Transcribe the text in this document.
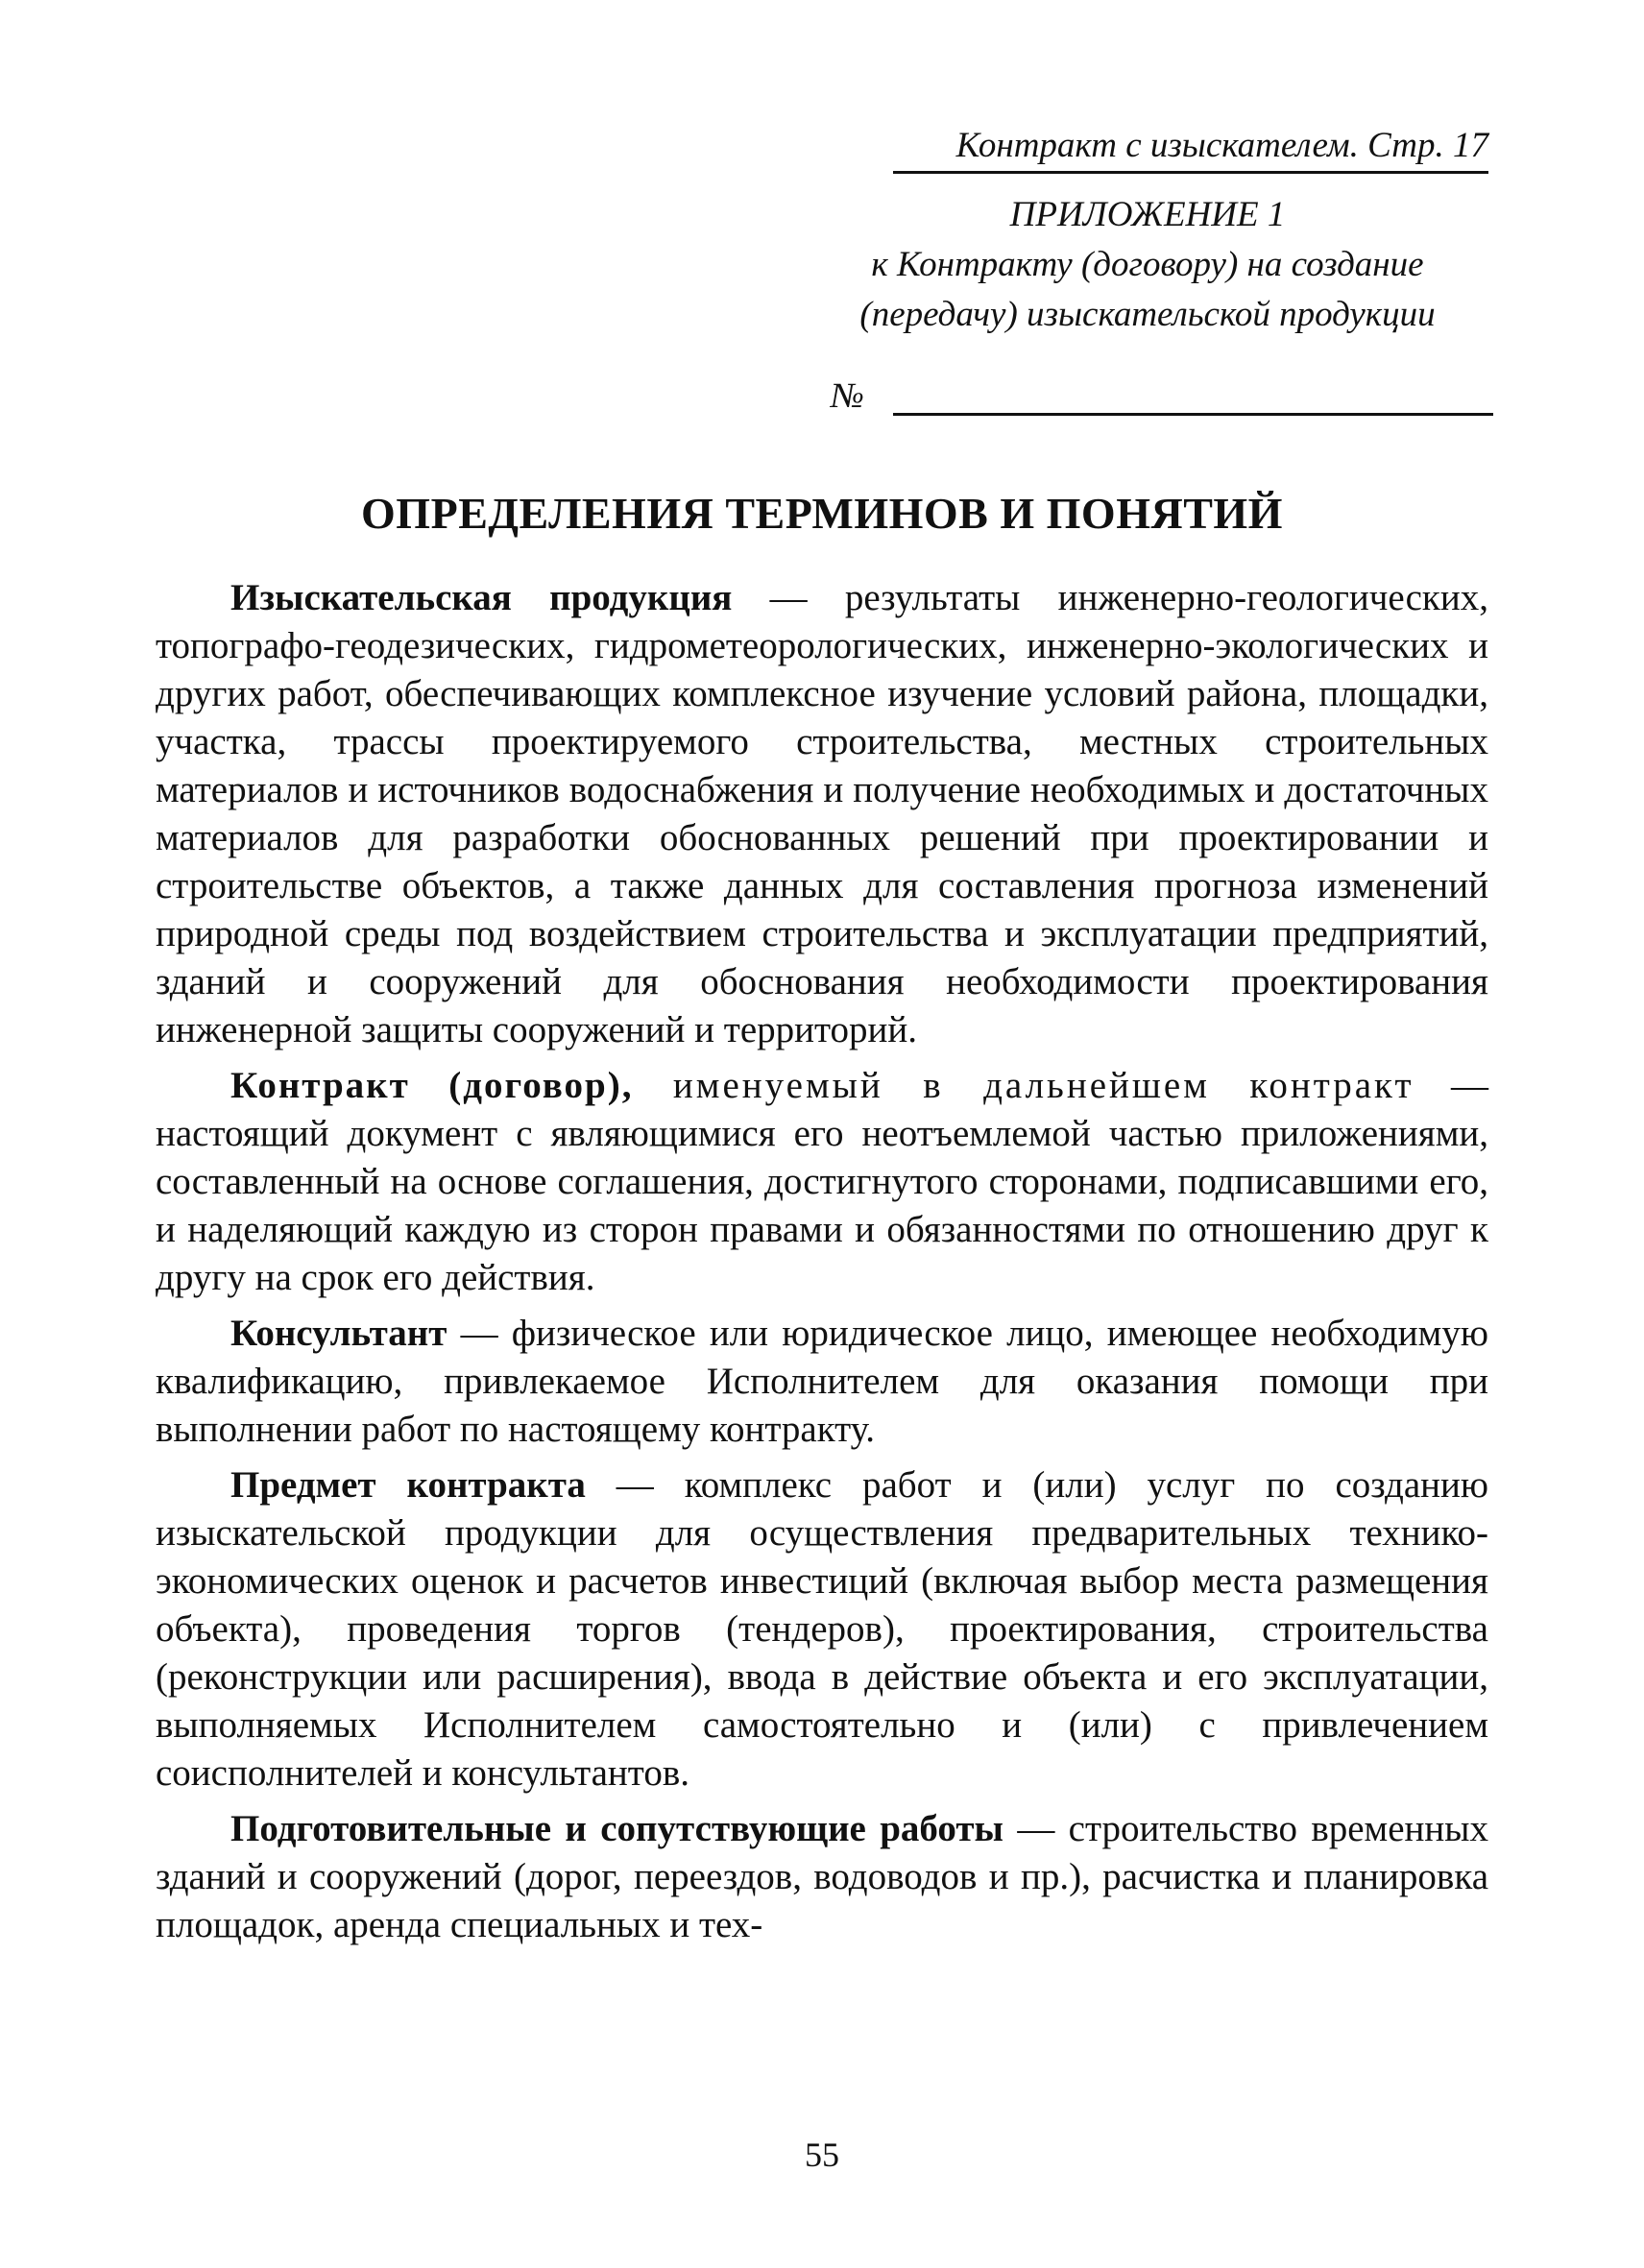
Контракт с изыскателем. Стр. 17
ПРИЛОЖЕНИЕ 1
к Контракту (договору) на создание
(передачу) изыскательской продукции
№
ОПРЕДЕЛЕНИЯ ТЕРМИНОВ И ПОНЯТИЙ

Изыскательская продукция — результаты инженерно-геологических, топографо-геодезических, гидрометеорологических, инженерно-экологических и других работ, обеспечивающих комплексное изучение условий района, площадки, участка, трассы проектируемого строительства, местных строительных материалов и источников водоснабжения и получение необходимых и достаточных материалов для разработки обоснованных решений при проектировании и строительстве объектов, а также данных для составления прогноза изменений природной среды под воздействием строительства и эксплуатации предприятий, зданий и сооружений для обоснования необходимости проектирования инженерной защиты сооружений и территорий.

Контракт (договор), именуемый в дальнейшем контракт — настоящий документ с являющимися его неотъемлемой частью приложениями, составленный на основе соглашения, достигнутого сторонами, подписавшими его, и наделяющий каждую из сторон правами и обязанностями по отношению друг к другу на срок его действия.

Консультант — физическое или юридическое лицо, имеющее необходимую квалификацию, привлекаемое Исполнителем для оказания помощи при выполнении работ по настоящему контракту.

Предмет контракта — комплекс работ и (или) услуг по созданию изыскательской продукции для осуществления предварительных технико-экономических оценок и расчетов инвестиций (включая выбор места размещения объекта), проведения торгов (тендеров), проектирования, строительства (реконструкции или расширения), ввода в действие объекта и его эксплуатации, выполняемых Исполнителем самостоятельно и (или) с привлечением соисполнителей и консультантов.

Подготовительные и сопутствующие работы — строительство временных зданий и сооружений (дорог, переездов, водоводов и пр.), расчистка и планировка площадок, аренда специальных и тех-

55
